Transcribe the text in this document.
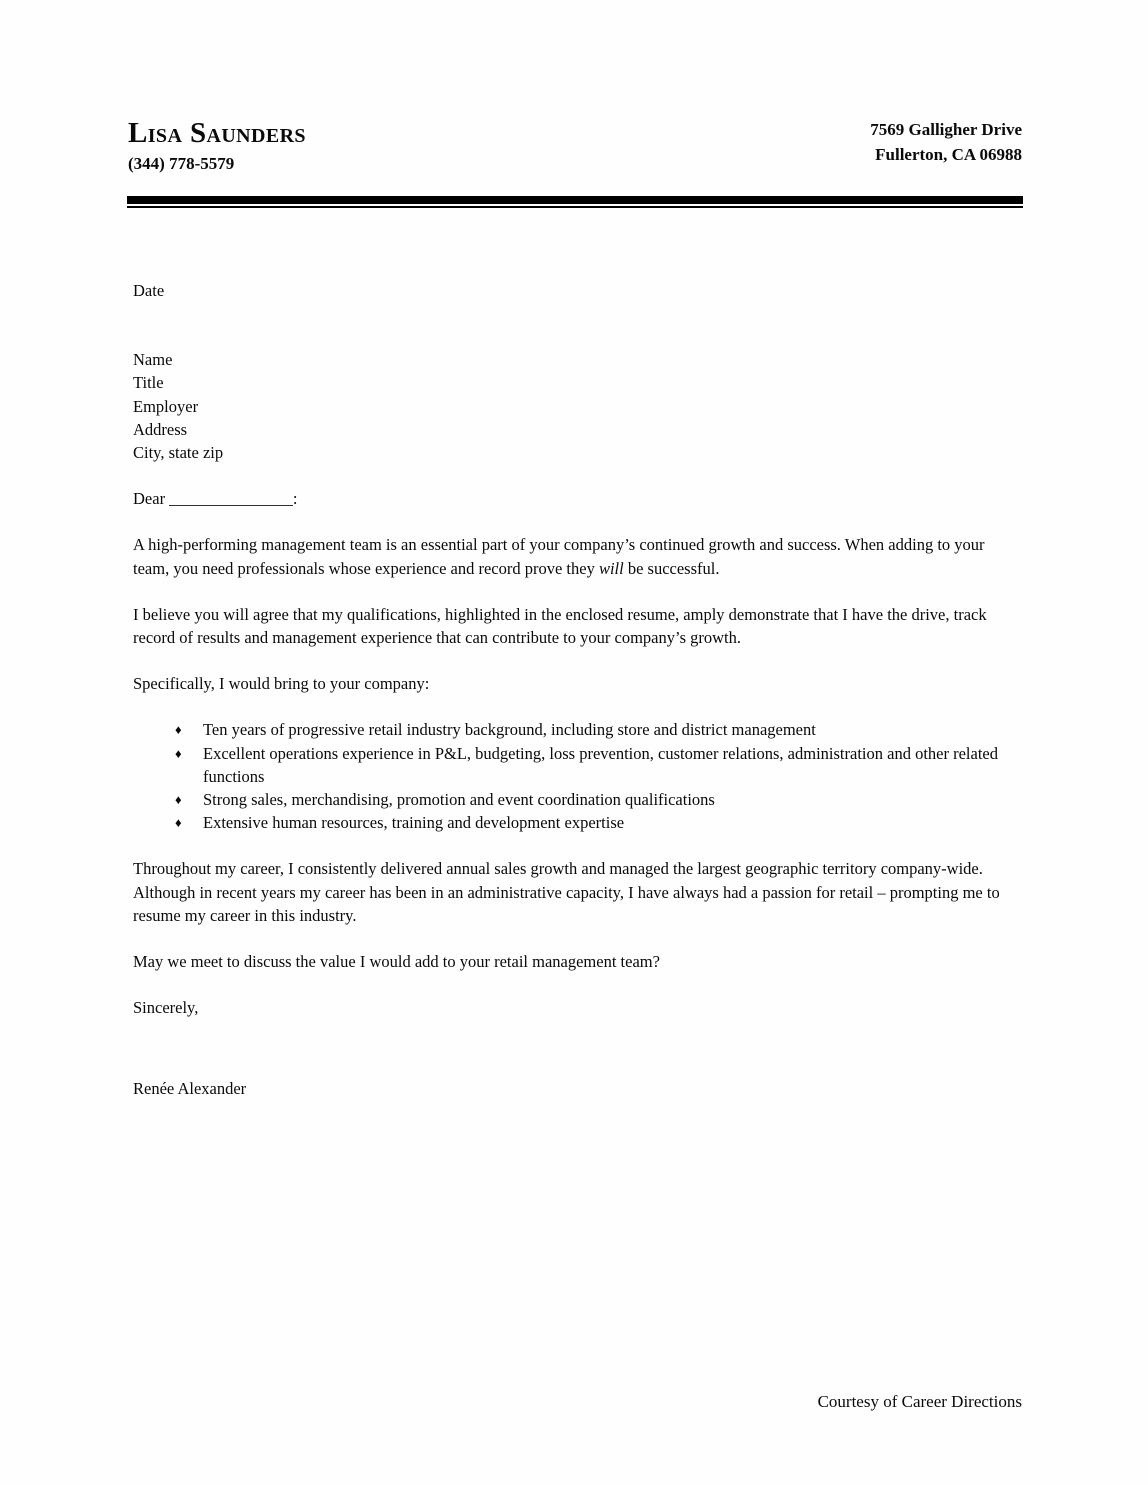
Lisa Saunders
(344) 778-5579
7569 Galligher Drive
Fullerton, CA 06988
Date
Name
Title
Employer
Address
City, state zip
Dear _______________:

A high-performing management team is an essential part of your company’s continued growth and success. When adding to your team, you need professionals whose experience and record prove they will be successful.

I believe you will agree that my qualifications, highlighted in the enclosed resume, amply demonstrate that I have the drive, track record of results and management experience that can contribute to your company’s growth.

Specifically, I would bring to your company:

♦ Ten years of progressive retail industry background, including store and district management
♦ Excellent operations experience in P&L, budgeting, loss prevention, customer relations, administration and other related functions
♦ Strong sales, merchandising, promotion and event coordination qualifications
♦ Extensive human resources, training and development expertise

Throughout my career, I consistently delivered annual sales growth and managed the largest geographic territory company-wide. Although in recent years my career has been in an administrative capacity, I have always had a passion for retail – prompting me to resume my career in this industry.

May we meet to discuss the value I would add to your retail management team?

Sincerely,

Renée Alexander

Courtesy of Career Directions
